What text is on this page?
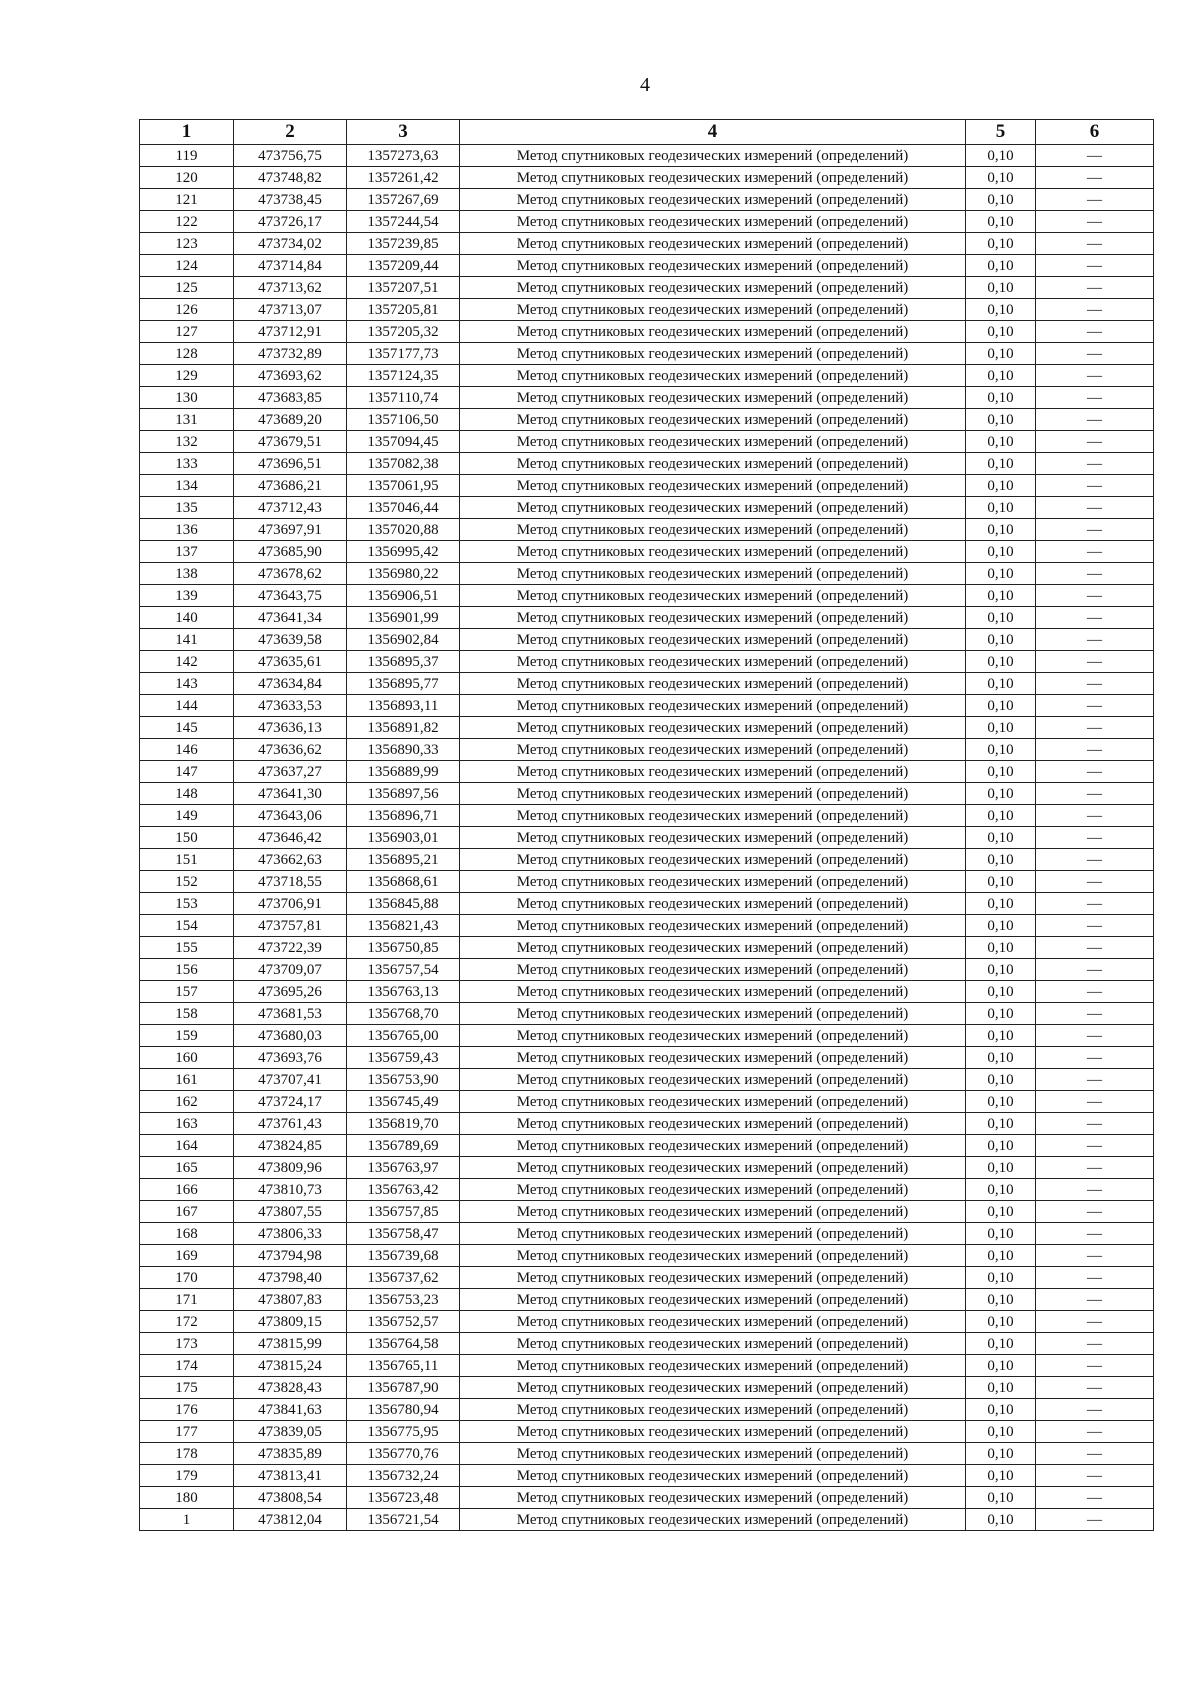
4
1	2	3	4	5	6
119	473756,75	1357273,63	Метод спутниковых геодезических измерений (определений)	0,10	—
120	473748,82	1357261,42	Метод спутниковых геодезических измерений (определений)	0,10	—
121	473738,45	1357267,69	Метод спутниковых геодезических измерений (определений)	0,10	—
122	473726,17	1357244,54	Метод спутниковых геодезических измерений (определений)	0,10	—
123	473734,02	1357239,85	Метод спутниковых геодезических измерений (определений)	0,10	—
124	473714,84	1357209,44	Метод спутниковых геодезических измерений (определений)	0,10	—
125	473713,62	1357207,51	Метод спутниковых геодезических измерений (определений)	0,10	—
126	473713,07	1357205,81	Метод спутниковых геодезических измерений (определений)	0,10	—
127	473712,91	1357205,32	Метод спутниковых геодезических измерений (определений)	0,10	—
128	473732,89	1357177,73	Метод спутниковых геодезических измерений (определений)	0,10	—
129	473693,62	1357124,35	Метод спутниковых геодезических измерений (определений)	0,10	—
130	473683,85	1357110,74	Метод спутниковых геодезических измерений (определений)	0,10	—
131	473689,20	1357106,50	Метод спутниковых геодезических измерений (определений)	0,10	—
132	473679,51	1357094,45	Метод спутниковых геодезических измерений (определений)	0,10	—
133	473696,51	1357082,38	Метод спутниковых геодезических измерений (определений)	0,10	—
134	473686,21	1357061,95	Метод спутниковых геодезических измерений (определений)	0,10	—
135	473712,43	1357046,44	Метод спутниковых геодезических измерений (определений)	0,10	—
136	473697,91	1357020,88	Метод спутниковых геодезических измерений (определений)	0,10	—
137	473685,90	1356995,42	Метод спутниковых геодезических измерений (определений)	0,10	—
138	473678,62	1356980,22	Метод спутниковых геодезических измерений (определений)	0,10	—
139	473643,75	1356906,51	Метод спутниковых геодезических измерений (определений)	0,10	—
140	473641,34	1356901,99	Метод спутниковых геодезических измерений (определений)	0,10	—
141	473639,58	1356902,84	Метод спутниковых геодезических измерений (определений)	0,10	—
142	473635,61	1356895,37	Метод спутниковых геодезических измерений (определений)	0,10	—
143	473634,84	1356895,77	Метод спутниковых геодезических измерений (определений)	0,10	—
144	473633,53	1356893,11	Метод спутниковых геодезических измерений (определений)	0,10	—
145	473636,13	1356891,82	Метод спутниковых геодезических измерений (определений)	0,10	—
146	473636,62	1356890,33	Метод спутниковых геодезических измерений (определений)	0,10	—
147	473637,27	1356889,99	Метод спутниковых геодезических измерений (определений)	0,10	—
148	473641,30	1356897,56	Метод спутниковых геодезических измерений (определений)	0,10	—
149	473643,06	1356896,71	Метод спутниковых геодезических измерений (определений)	0,10	—
150	473646,42	1356903,01	Метод спутниковых геодезических измерений (определений)	0,10	—
151	473662,63	1356895,21	Метод спутниковых геодезических измерений (определений)	0,10	—
152	473718,55	1356868,61	Метод спутниковых геодезических измерений (определений)	0,10	—
153	473706,91	1356845,88	Метод спутниковых геодезических измерений (определений)	0,10	—
154	473757,81	1356821,43	Метод спутниковых геодезических измерений (определений)	0,10	—
155	473722,39	1356750,85	Метод спутниковых геодезических измерений (определений)	0,10	—
156	473709,07	1356757,54	Метод спутниковых геодезических измерений (определений)	0,10	—
157	473695,26	1356763,13	Метод спутниковых геодезических измерений (определений)	0,10	—
158	473681,53	1356768,70	Метод спутниковых геодезических измерений (определений)	0,10	—
159	473680,03	1356765,00	Метод спутниковых геодезических измерений (определений)	0,10	—
160	473693,76	1356759,43	Метод спутниковых геодезических измерений (определений)	0,10	—
161	473707,41	1356753,90	Метод спутниковых геодезических измерений (определений)	0,10	—
162	473724,17	1356745,49	Метод спутниковых геодезических измерений (определений)	0,10	—
163	473761,43	1356819,70	Метод спутниковых геодезических измерений (определений)	0,10	—
164	473824,85	1356789,69	Метод спутниковых геодезических измерений (определений)	0,10	—
165	473809,96	1356763,97	Метод спутниковых геодезических измерений (определений)	0,10	—
166	473810,73	1356763,42	Метод спутниковых геодезических измерений (определений)	0,10	—
167	473807,55	1356757,85	Метод спутниковых геодезических измерений (определений)	0,10	—
168	473806,33	1356758,47	Метод спутниковых геодезических измерений (определений)	0,10	—
169	473794,98	1356739,68	Метод спутниковых геодезических измерений (определений)	0,10	—
170	473798,40	1356737,62	Метод спутниковых геодезических измерений (определений)	0,10	—
171	473807,83	1356753,23	Метод спутниковых геодезических измерений (определений)	0,10	—
172	473809,15	1356752,57	Метод спутниковых геодезических измерений (определений)	0,10	—
173	473815,99	1356764,58	Метод спутниковых геодезических измерений (определений)	0,10	—
174	473815,24	1356765,11	Метод спутниковых геодезических измерений (определений)	0,10	—
175	473828,43	1356787,90	Метод спутниковых геодезических измерений (определений)	0,10	—
176	473841,63	1356780,94	Метод спутниковых геодезических измерений (определений)	0,10	—
177	473839,05	1356775,95	Метод спутниковых геодезических измерений (определений)	0,10	—
178	473835,89	1356770,76	Метод спутниковых геодезических измерений (определений)	0,10	—
179	473813,41	1356732,24	Метод спутниковых геодезических измерений (определений)	0,10	—
180	473808,54	1356723,48	Метод спутниковых геодезических измерений (определений)	0,10	—
1	473812,04	1356721,54	Метод спутниковых геодезических измерений (определений)	0,10	—
